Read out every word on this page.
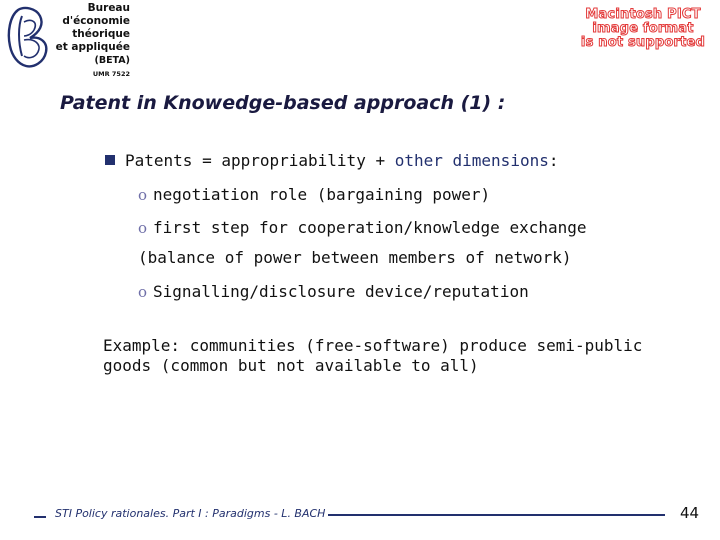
Bureau
d'économie
théorique
et appliquée
(BETA)
UMR 7522
Macintosh PICT
image format
is not supported
Patent in Knowedge-based approach (1) :
Patents = appropriability + other dimensions:
o negotiation role (bargaining power)
o first step for cooperation/knowledge exchange
(balance of power between members of network)
o Signalling/disclosure device/reputation
Example: communities (free-software) produce semi-public
goods (common but not available to all)
STI Policy rationales. Part I : Paradigms - L. BACH	44
